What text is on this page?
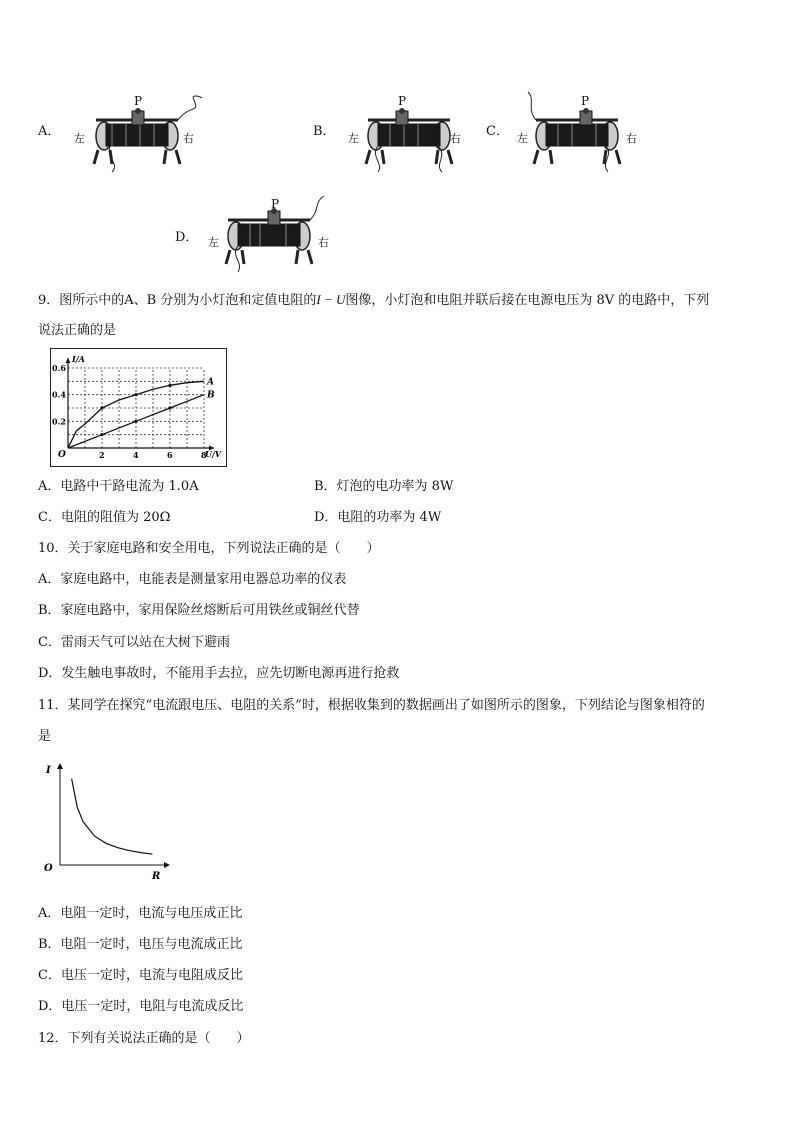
A． 左	右
P
B． 左	右
P
C． 左	右
P
D． 左	右
P
9．图所示中的A、B 分别为小灯泡和定值电阻的I − U图像，小灯泡和电阻并联后接在电源电压为 8V 的电路中，下列
说法正确的是
I/A
U/V
O	2	4	6	8
0.2
0.4
0.6
A
B
A．电路中干路电流为 1.0A	B．灯泡的电功率为 8W
C．电阻的阻值为 20Ω	D．电阻的功率为 4W
10．关于家庭电路和安全用电，下列说法正确的是（　　）
A．家庭电路中，电能表是测量家用电器总功率的仪表
B．家庭电路中，家用保险丝熔断后可用铁丝或铜丝代替
C．雷雨天气可以站在大树下避雨
D．发生触电事故时，不能用手去拉，应先切断电源再进行抢救
11．某同学在探究“电流跟电压、电阻的关系”时，根据收集到的数据画出了如图所示的图象，下列结论与图象相符的
是
I
R
O
A．电阻一定时，电流与电压成正比
B．电阻一定时，电压与电流成正比
C．电压一定时，电流与电阻成反比
D．电压一定时，电阻与电流成反比
12．下列有关说法正确的是（　　）
